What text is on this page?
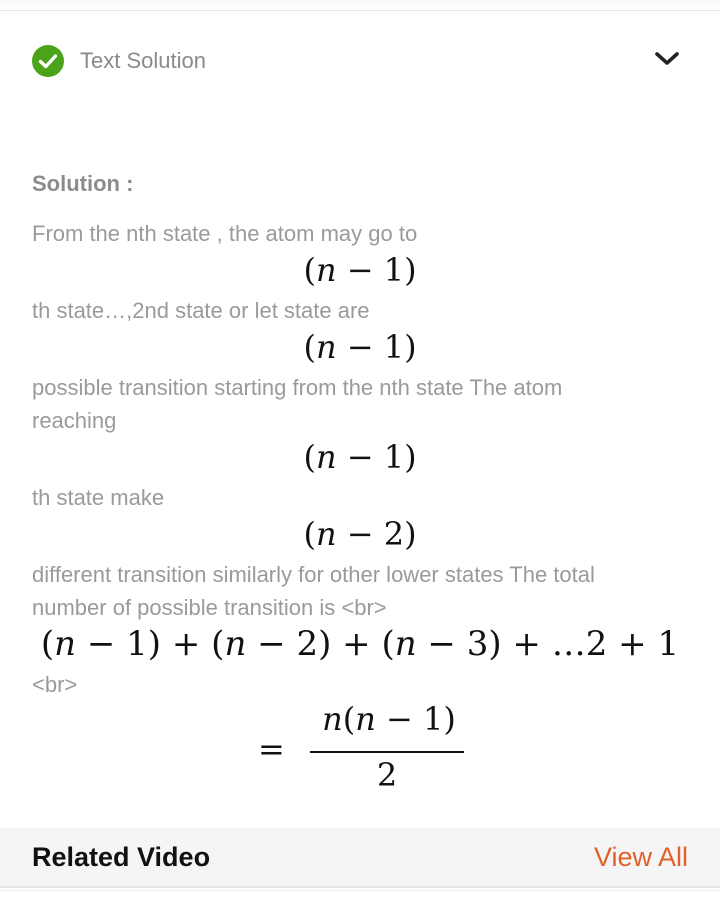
Text Solution
Solution :
From the nth state , the atom may go to
(n − 1)
th state…,2nd state or let state are
(n − 1)
possible transition starting from the nth state The atom
reaching
(n − 1)
th state make
(n − 2)
different transition similarly for other lower states The total
number of possible transition is <br>
(n − 1) + (n − 2) + (n − 3) + …2 + 1
<br>
=
n(n − 1)
2
Related Video	View All
